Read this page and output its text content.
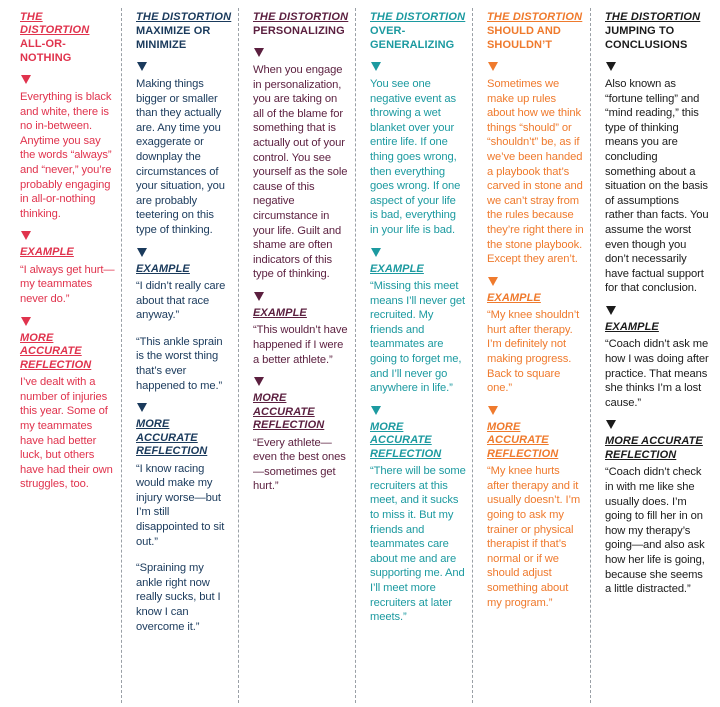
THE DISTORTION
ALL-OR-NOTHING
Everything is black and white, there is no in-between. Anytime you say the words “always” and “never,” you’re probably engaging in all-or-nothing thinking.
EXAMPLE
“I always get hurt—my teammates never do.”
MORE ACCURATE REFLECTION
I’ve dealt with a number of injuries this year. Some of my teammates have had better luck, but others have had their own struggles, too.
THE DISTORTION
MAXIMIZE OR MINIMIZE
Making things bigger or smaller than they actually are. Any time you exaggerate or downplay the circumstances of your situation, you are probably teetering on this type of thinking.
EXAMPLE
“I didn’t really care about that race anyway.”
“This ankle sprain is the worst thing that’s ever happened to me.”
MORE ACCURATE REFLECTION
“I know racing would make my injury worse—but I’m still disappointed to sit out.”
“Spraining my ankle right now really sucks, but I know I can overcome it.”
THE DISTORTION
PERSONALIZING
When you engage in personalization, you are taking on all of the blame for something that is actually out of your control. You see yourself as the sole cause of this negative circumstance in your life. Guilt and shame are often indicators of this type of thinking.
EXAMPLE
“This wouldn’t have happened if I were a better athlete.”
MORE ACCURATE REFLECTION
“Every athlete—even the best ones—sometimes get hurt.”
THE DISTORTION
OVER-GENERALIZING
You see one negative event as throwing a wet blanket over your entire life. If one thing goes wrong, then everything goes wrong. If one aspect of your life is bad, everything in your life is bad.
EXAMPLE
“Missing this meet means I’ll never get recruited. My friends and teammates are going to forget me, and I’ll never go anywhere in life.”
MORE ACCURATE REFLECTION
“There will be some recruiters at this meet, and it sucks to miss it. But my friends and teammates care about me and are supporting me. And I’ll meet more recruiters at later meets.”
THE DISTORTION
SHOULD AND SHOULDN’T
Sometimes we make up rules about how we think things “should” or “shouldn’t” be, as if we’ve been handed a playbook that’s carved in stone and we can’t stray from the rules because they’re right there in the stone playbook. Except they aren’t.
EXAMPLE
“My knee shouldn’t hurt after therapy. I’m definitely not making progress. Back to square one.”
MORE ACCURATE REFLECTION
“My knee hurts after therapy and it usually doesn’t. I’m going to ask my trainer or physical therapist if that’s normal or if we should adjust something about my program.”
THE DISTORTION
JUMPING TO CONCLUSIONS
Also known as “fortune telling” and “mind reading,” this type of thinking means you are concluding something about a situation on the basis of assumptions rather than facts. You assume the worst even though you don’t necessarily have factual support for that conclusion.
EXAMPLE
“Coach didn’t ask me how I was doing after practice. That means she thinks I’m a lost cause.”
MORE ACCURATE REFLECTION
“Coach didn’t check in with me like she usually does. I’m going to fill her in on how my therapy’s going—and also ask how her life is going, because she seems a little distracted.”
